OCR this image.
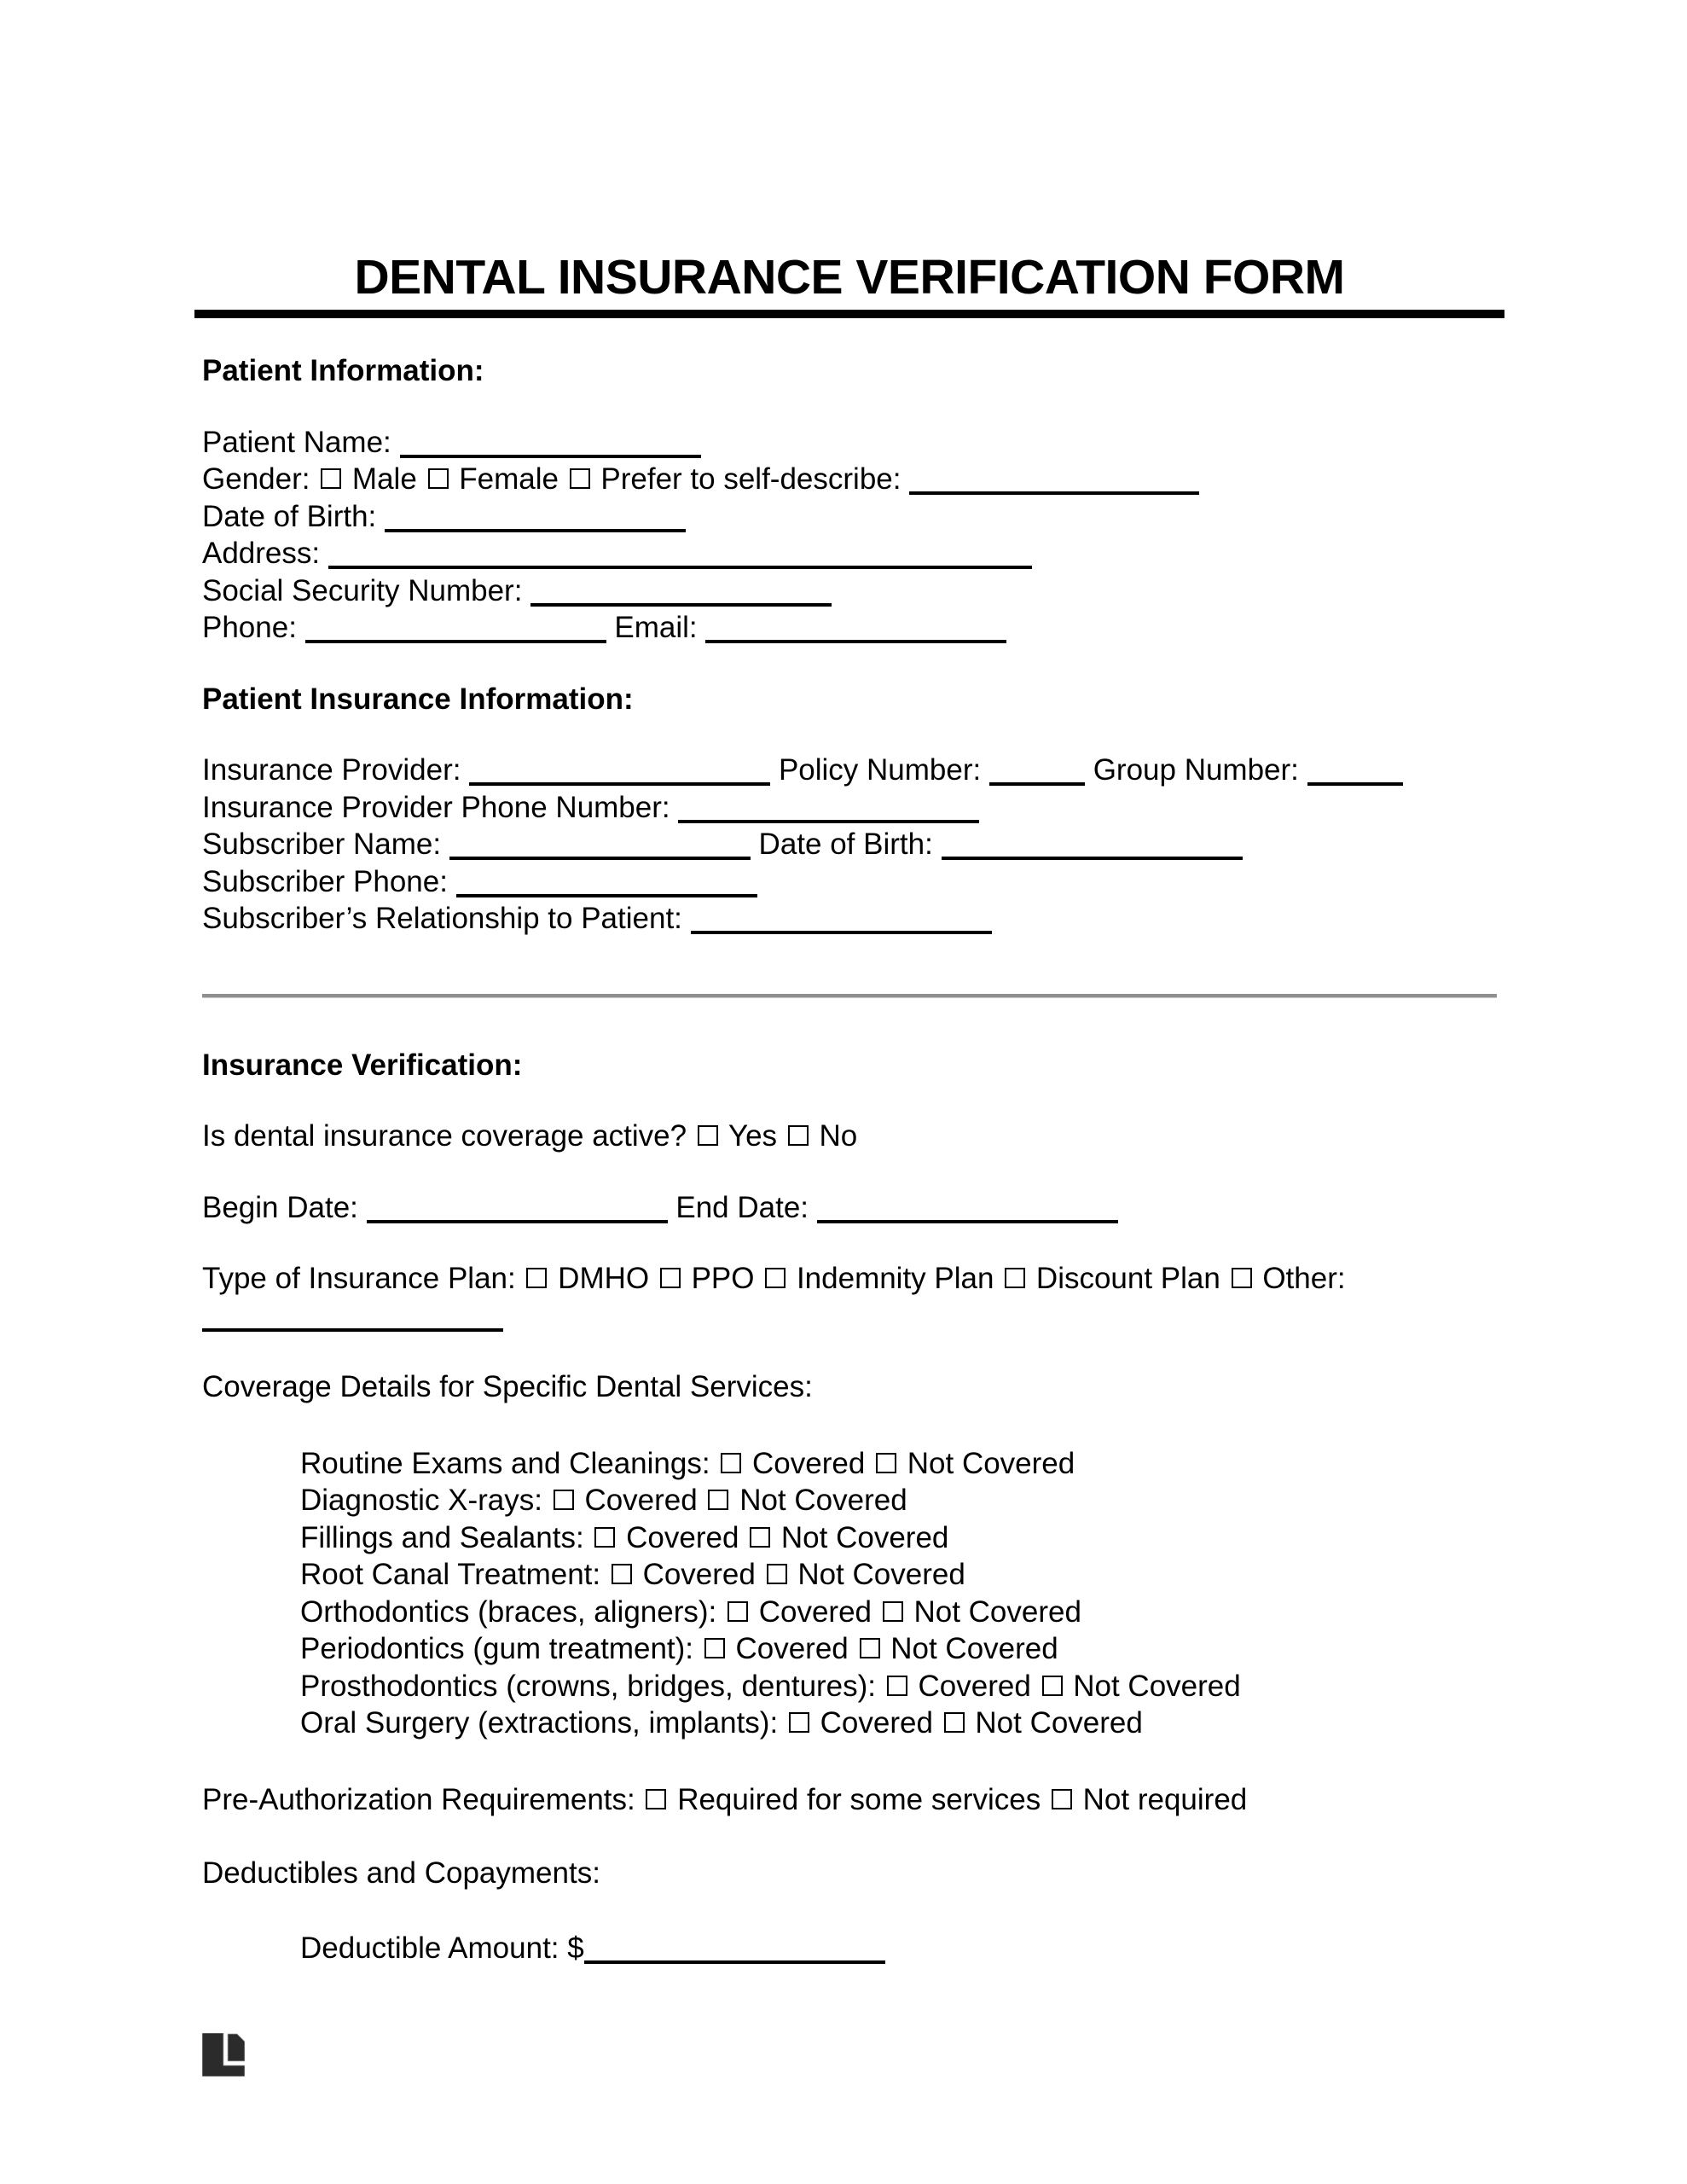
DENTAL INSURANCE VERIFICATION FORM
Patient Information:
Patient Name:
Gender:  Male  Female  Prefer to self-describe:
Date of Birth:
Address:
Social Security Number:
Phone:	Email:
Patient Insurance Information:
Insurance Provider:	Policy Number:	Group Number:
Insurance Provider Phone Number:
Subscriber Name:	Date of Birth:
Subscriber Phone:
Subscriber’s Relationship to Patient:
Insurance Verification:
Is dental insurance coverage active?  Yes  No
Begin Date:	End Date:
Type of Insurance Plan:  DMHO  PPO  Indemnity Plan  Discount Plan  Other:
Coverage Details for Specific Dental Services:
Routine Exams and Cleanings:  Covered  Not Covered
Diagnostic X-rays:  Covered  Not Covered
Fillings and Sealants:  Covered  Not Covered
Root Canal Treatment:  Covered  Not Covered
Orthodontics (braces, aligners):  Covered  Not Covered
Periodontics (gum treatment):  Covered  Not Covered
Prosthodontics (crowns, bridges, dentures):  Covered  Not Covered
Oral Surgery (extractions, implants):  Covered  Not Covered
Pre-Authorization Requirements:  Required for some services  Not required
Deductibles and Copayments:
Deductible Amount: $
